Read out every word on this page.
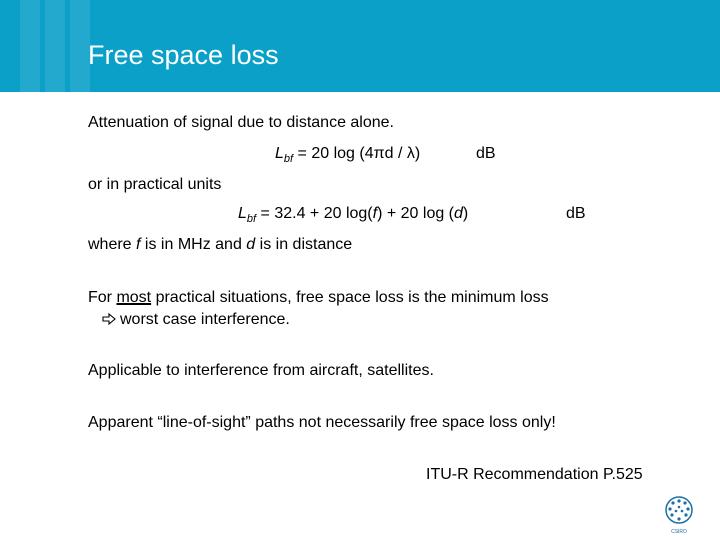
Free space loss
Attenuation of signal due to distance alone.
$L_{bf} = 20$ log (4πd / λ)	dB
or in practical units
$L_{bf} = 32.4 + 20$ log(f) + 20 log (d)	dB
where f is in MHz and d is in distance
For most practical situations, free space loss is the minimum loss
worst case interference.
Applicable to interference from aircraft, satellites.
Apparent “line-of-sight” paths not necessarily free space loss only!
ITU-R Recommendation P.525
CSIRO
